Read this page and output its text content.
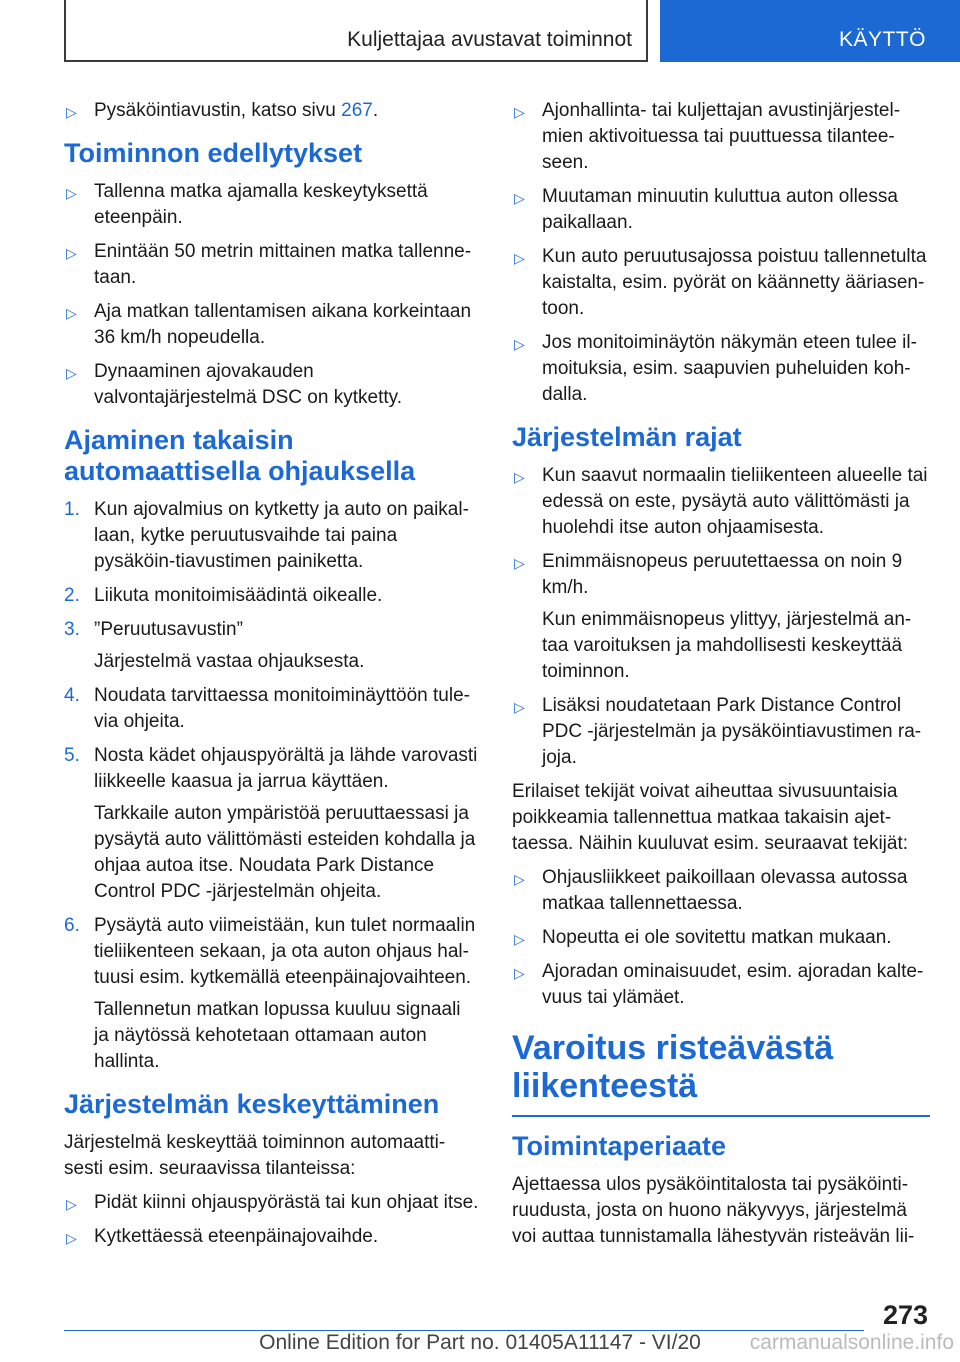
Kuljettajaa avustavat toiminnot	KÄYTTÖ
▷ Pysäköintiavustin, katso sivu 267.
Toiminnon edellytykset
▷ Tallenna matka ajamalla keskeytyksettä eteenpäin.
▷ Enintään 50 metrin mittainen matka tallenne-taan.
▷ Aja matkan tallentamisen aikana korkeintaan 36 km/h nopeudella.
▷ Dynaaminen ajovakauden valvontajärjestelmä DSC on kytketty.
Ajaminen takaisin automaattisella ohjauksella
1. Kun ajovalmius on kytketty ja auto on paikal-laan, kytke peruutusvaihde tai paina pysäköin-tiavustimen painiketta.
2. Liikuta monitoimisäädintä oikealle.
3. ”Peruutusavustin”
Järjestelmä vastaa ohjauksesta.
4. Noudata tarvittaessa monitoiminäyttöön tule-via ohjeita.
5. Nosta kädet ohjauspyörältä ja lähde varovasti liikkeelle kaasua ja jarrua käyttäen.
Tarkkaile auton ympäristöä peruuttaessasi ja pysäytä auto välittömästi esteiden kohdalla ja ohjaa autoa itse. Noudata Park Distance Control PDC -järjestelmän ohjeita.
6. Pysäytä auto viimeistään, kun tulet normaalin tieliikenteen sekaan, ja ota auton ohjaus hal-tuusi esim. kytkemällä eteenpäinajovaihteen.
Tallennetun matkan lopussa kuuluu signaali ja näytössä kehotetaan ottamaan auton hallinta.
Järjestelmän keskeyttäminen

Järjestelmä keskeyttää toiminnon automaatti-sesti esim. seuraavissa tilanteissa:

▷ Pidät kiinni ohjauspyörästä tai kun ohjaat itse.
▷ Kytkettäessä eteenpäinajovaihde.
▷ Ajonhallinta- tai kuljettajan avustinjärjestel-mien aktivoituessa tai puuttuessa tilantee-seen.
▷ Muutaman minuutin kuluttua auton ollessa paikallaan.
▷ Kun auto peruutusajossa poistuu tallennetulta kaistalta, esim. pyörät on käännetty ääriasen-toon.
▷ Jos monitoiminäytön näkymän eteen tulee il-moituksia, esim. saapuvien puheluiden koh-dalla.
Järjestelmän rajat
▷ Kun saavut normaalin tieliikenteen alueelle tai edessä on este, pysäytä auto välittömästi ja huolehdi itse auton ohjaamisesta.
▷ Enimmäisnopeus peruutettaessa on noin 9 km/h.
Kun enimmäisnopeus ylittyy, järjestelmä an-taa varoituksen ja mahdollisesti keskeyttää toiminnon.
▷ Lisäksi noudatetaan Park Distance Control PDC -järjestelmän ja pysäköintiavustimen ra-joja.

Erilaiset tekijät voivat aiheuttaa sivusuuntaisia poikkeamia tallennettua matkaa takaisin ajet-taessa. Näihin kuuluvat esim. seuraavat tekijät:

▷ Ohjausliikkeet paikoillaan olevassa autossa matkaa tallennettaessa.
▷ Nopeutta ei ole sovitettu matkan mukaan.
▷ Ajoradan ominaisuudet, esim. ajoradan kalte-vuus tai ylämäet.
Varoitus risteävästä liikenteestä
Toimintaperiaate

Ajettaessa ulos pysäköintitalosta tai pysäköinti-ruudusta, josta on huono näkyvyys, järjestelmä voi auttaa tunnistamalla lähestyvän risteävän lii-

273
Online Edition for Part no. 01405A11147 - VI/20	carmanualsonline.info
